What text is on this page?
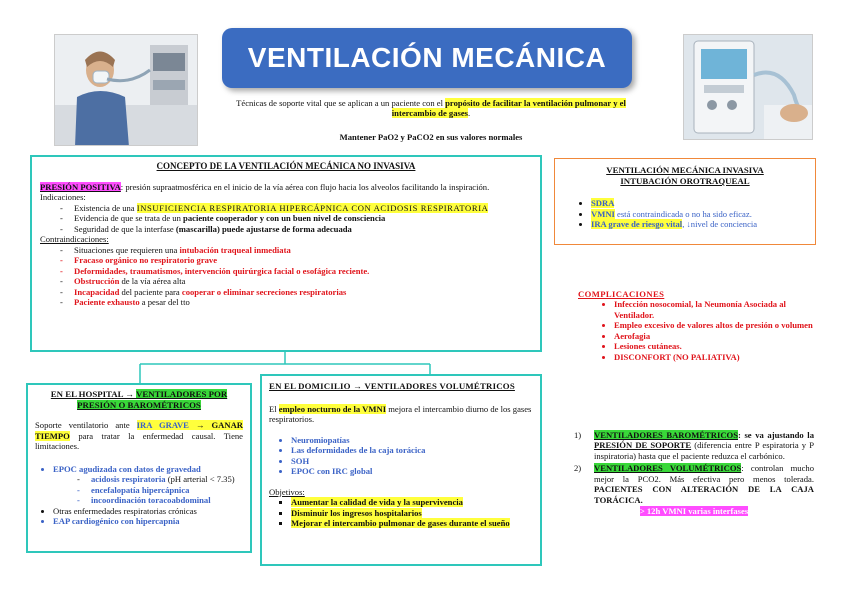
VENTILACIÓN MECÁNICA
Técnicas de soporte vital que se aplican a un paciente con el propósito de facilitar la ventilación pulmonar y el intercambio de gases.
Mantener PaO2 y PaCO2 en sus valores normales
CONCEPTO DE LA VENTILACIÓN MECÁNICA NO INVASIVA
PRESIÓN POSITIVA: presión supraatmosférica en el inicio de la vía aérea con flujo hacia los alveolos facilitando la inspiración.
Indicaciones:
- Existencia de una INSUFICIENCIA RESPIRATORIA HIPERCÁPNICA CON ACIDOSIS RESPIRATORIA
- Evidencia de que se trata de un paciente cooperador y con un buen nivel de consciencia
- Seguridad de que la interfase (mascarilla) puede ajustarse de forma adecuada
Contraindicaciones:
- Situaciones que requieren una intubación traqueal inmediata
- Fracaso orgánico no respiratorio grave
- Deformidades, traumatismos, intervención quirúrgica facial o esofágica reciente.
- Obstrucción de la vía aérea alta
- Incapacidad del paciente para cooperar o eliminar secreciones respiratorias
- Paciente exhausto a pesar del tto
EN EL HOSPITAL → VENTILADORES POR PRESIÓN O BAROMÉTRICOS
Soporte ventilatorio ante IRA GRAVE → GANAR TIEMPO para tratar la enfermedad causal. Tiene limitaciones.
• EPOC agudizada con datos de gravedad
- acidosis respiratoria (pH arterial < 7.35)
- encefalopatía hipercápnica
- incoordinación toracoabdominal
• Otras enfermedades respiratorias crónicas
• EAP cardiogénico con hipercapnia
EN EL DOMICILIO → VENTILADORES VOLUMÉTRICOS
El empleo nocturno de la VMNI mejora el intercambio diurno de los gases respiratorios.
• Neuromiopatías
• Las deformidades de la caja torácica
• SOH
• EPOC con IRC global
Objetivos:
▪ Aumentar la calidad de vida y la supervivencia
▪ Disminuir los ingresos hospitalarios
▪ Mejorar el intercambio pulmonar de gases durante el sueño
VENTILACIÓN MECÁNICA INVASIVA
INTUBACIÓN OROTRAQUEAL
• SDRA
• VMNI está contraindicada o no ha sido eficaz.
• IRA grave de riesgo vital, ↓nivel de conciencia
COMPLICACIONES
• Infección nosocomial, la Neumonía Asociada al Ventilador.
• Empleo excesivo de valores altos de presión o volumen
• Aerofagia
• Lesiones cutáneas.
• DISCONFORT (NO PALIATIVA)
1) VENTILADORES BAROMÉTRICOS: se va ajustando la PRESIÓN DE SOPORTE (diferencia entre P espiratoria y P inspiratoria) hasta que el paciente reduzca el carbónico.
2) VENTILADORES VOLUMÉTRICOS: controlan mucho mejor la PCO2. Más efectiva pero menos tolerada. PACIENTES CON ALTERACIÓN DE LA CAJA TORÁCICA.
> 12h VMNI varias interfases
